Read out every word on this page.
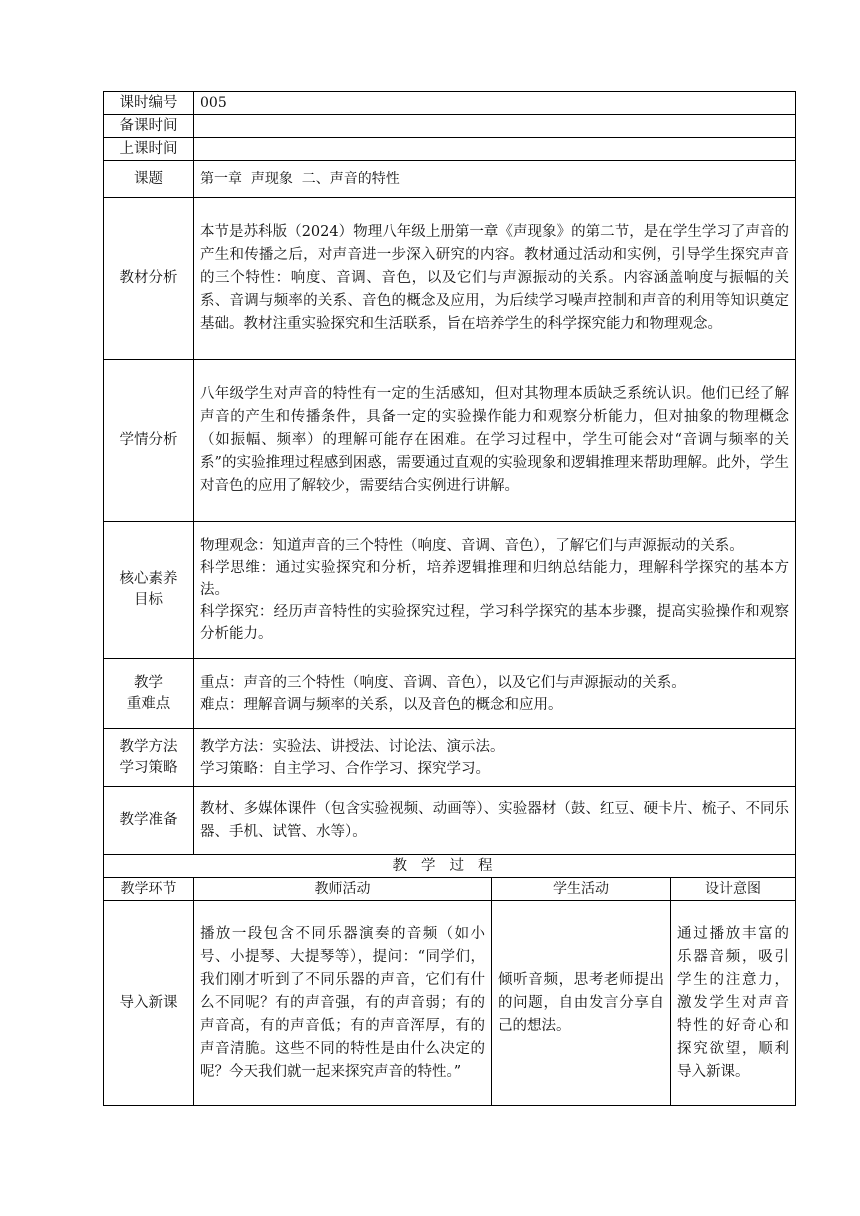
课时编号	005		
备课时间			
上课时间			
课题	第一章  声现象  二、声音的特性		
教材分析	本节是苏科版（2024）物理八年级上册第一章《声现象》的第二节，是在学生学习了声音的产生和传播之后，对声音进一步深入研究的内容。教材通过活动和实例，引导学生探究声音的三个特性：响度、音调、音色，以及它们与声源振动的关系。内容涵盖响度与振幅的关系、音调与频率的关系、音色的概念及应用，为后续学习噪声控制和声音的利用等知识奠定基础。教材注重实验探究和生活联系，旨在培养学生的科学探究能力和物理观念。		
学情分析	八年级学生对声音的特性有一定的生活感知，但对其物理本质缺乏系统认识。他们已经了解声音的产生和传播条件，具备一定的实验操作能力和观察分析能力，但对抽象的物理概念（如振幅、频率）的理解可能存在困难。在学习过程中，学生可能会对“音调与频率的关系”的实验推理过程感到困惑，需要通过直观的实验现象和逻辑推理来帮助理解。此外，学生对音色的应用了解较少，需要结合实例进行讲解。		

核心素养
目标	物理观念：知道声音的三个特性（响度、音调、音色），了解它们与声源振动的关系。
科学思维：通过实验探究和分析，培养逻辑推理和归纳总结能力，理解科学探究的基本方法。
科学探究：经历声音特性的实验探究过程，学习科学探究的基本步骤，提高实验操作和观察分析能力。		

教学
重难点	重点：声音的三个特性（响度、音调、音色），以及它们与声源振动的关系。
难点：理解音调与频率的关系，以及音色的概念和应用。		

教学方法
学习策略	教学方法：实验法、讲授法、讨论法、演示法。
学习策略：自主学习、合作学习、探究学习。		

教学准备	教材、多媒体课件（包含实验视频、动画等）、实验器材（鼓、红豆、硬卡片、梳子、不同乐器、手机、试管、水等）。		
教学过程			
教学环节	教师活动	学生活动	设计意图
导入新课	播放一段包含不同乐器演奏的音频（如小号、小提琴、大提琴等），提问：“同学们，我们刚才听到了不同乐器的声音，它们有什么不同呢？有的声音强，有的声音弱；有的声音高，有的声音低；有的声音浑厚，有的声音清脆。这些不同的特性是由什么决定的呢？今天我们就一起来探究声音的特性。”	倾听音频，思考老师提出的问题，自由发言分享自己的想法。	通过播放丰富的乐器音频，吸引学生的注意力，激发学生对声音特性的好奇心和探究欲望，顺利导入新课。
